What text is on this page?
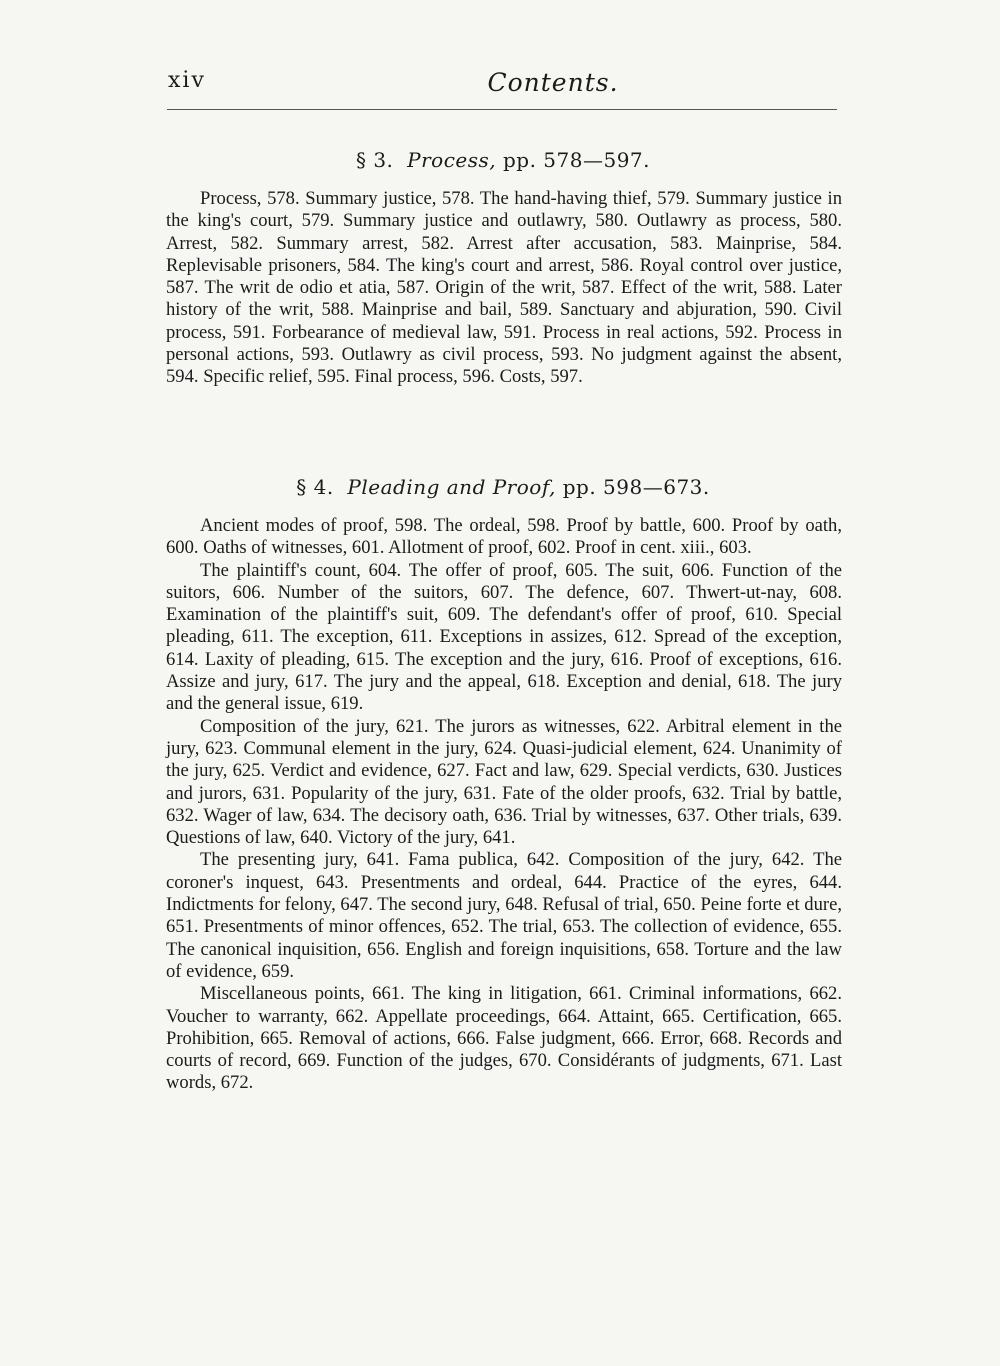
xiv	Contents.
§ 3. Process, pp. 578—597.

Process, 578. Summary justice, 578. The hand-having thief, 579. Summary justice in the king's court, 579. Summary justice and outlawry, 580. Outlawry as process, 580. Arrest, 582. Summary arrest, 582. Arrest after accusation, 583. Mainprise, 584. Replevisable prisoners, 584. The king's court and arrest, 586. Royal control over justice, 587. The writ de odio et atia, 587. Origin of the writ, 587. Effect of the writ, 588. Later history of the writ, 588. Mainprise and bail, 589. Sanctuary and abjuration, 590. Civil process, 591. Forbearance of medieval law, 591. Process in real actions, 592. Process in personal actions, 593. Outlawry as civil process, 593. No judgment against the absent, 594. Specific relief, 595. Final process, 596. Costs, 597.

§ 4. Pleading and Proof, pp. 598—673.

Ancient modes of proof, 598. The ordeal, 598. Proof by battle, 600. Proof by oath, 600. Oaths of witnesses, 601. Allotment of proof, 602. Proof in cent. xiii., 603.

The plaintiff's count, 604. The offer of proof, 605. The suit, 606. Function of the suitors, 606. Number of the suitors, 607. The defence, 607. Thwert-ut-nay, 608. Examination of the plaintiff's suit, 609. The defendant's offer of proof, 610. Special pleading, 611. The exception, 611. Exceptions in assizes, 612. Spread of the exception, 614. Laxity of pleading, 615. The exception and the jury, 616. Proof of exceptions, 616. Assize and jury, 617. The jury and the appeal, 618. Exception and denial, 618. The jury and the general issue, 619.

Composition of the jury, 621. The jurors as witnesses, 622. Arbitral element in the jury, 623. Communal element in the jury, 624. Quasi-judicial element, 624. Unanimity of the jury, 625. Verdict and evidence, 627. Fact and law, 629. Special verdicts, 630. Justices and jurors, 631. Popularity of the jury, 631. Fate of the older proofs, 632. Trial by battle, 632. Wager of law, 634. The decisory oath, 636. Trial by witnesses, 637. Other trials, 639. Questions of law, 640. Victory of the jury, 641.

The presenting jury, 641. Fama publica, 642. Composition of the jury, 642. The coroner's inquest, 643. Presentments and ordeal, 644. Practice of the eyres, 644. Indictments for felony, 647. The second jury, 648. Refusal of trial, 650. Peine forte et dure, 651. Presentments of minor offences, 652. The trial, 653. The collection of evidence, 655. The canonical inquisition, 656. English and foreign inquisitions, 658. Torture and the law of evidence, 659.

Miscellaneous points, 661. The king in litigation, 661. Criminal informations, 662. Voucher to warranty, 662. Appellate proceedings, 664. Attaint, 665. Certification, 665. Prohibition, 665. Removal of actions, 666. False judgment, 666. Error, 668. Records and courts of record, 669. Function of the judges, 670. Considérants of judgments, 671. Last words, 672.
